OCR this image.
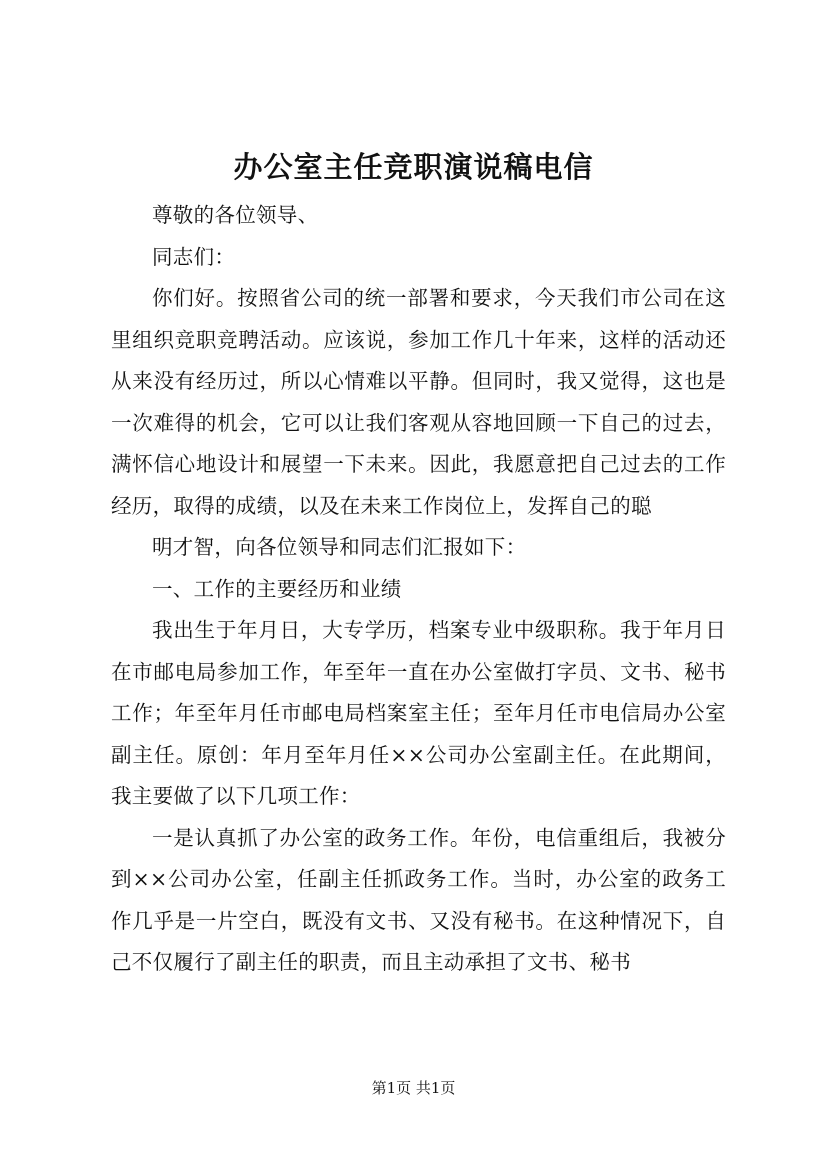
办公室主任竞职演说稿电信

尊敬的各位领导、

同志们：

你们好。按照省公司的统一部署和要求，今天我们市公司在这里组织竞职竞聘活动。应该说，参加工作几十年来，这样的活动还从来没有经历过，所以心情难以平静。但同时，我又觉得，这也是一次难得的机会，它可以让我们客观从容地回顾一下自己的过去，满怀信心地设计和展望一下未来。因此，我愿意把自己过去的工作经历，取得的成绩，以及在未来工作岗位上，发挥自己的聪

明才智，向各位领导和同志们汇报如下：

一、工作的主要经历和业绩

我出生于年月日，大专学历，档案专业中级职称。我于年月日在市邮电局参加工作，年至年一直在办公室做打字员、文书、秘书工作；年至年月任市邮电局档案室主任；至年月任市电信局办公室副主任。原创：年月至年月任××公司办公室副主任。在此期间，我主要做了以下几项工作：

一是认真抓了办公室的政务工作。年份，电信重组后，我被分到××公司办公室，任副主任抓政务工作。当时，办公室的政务工作几乎是一片空白，既没有文书、又没有秘书。在这种情况下，自己不仅履行了副主任的职责，而且主动承担了文书、秘书

第1页 共1页
